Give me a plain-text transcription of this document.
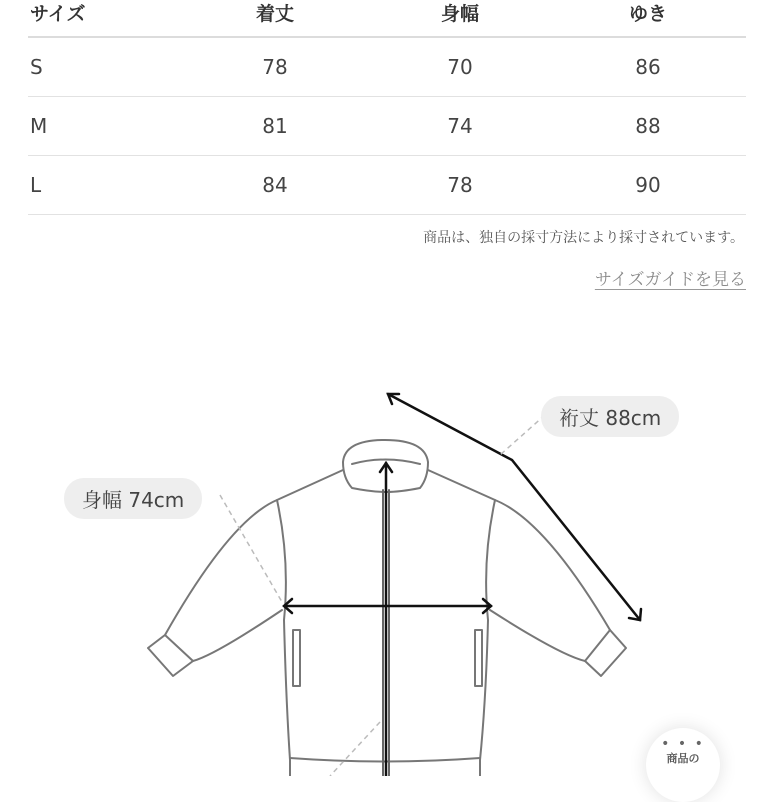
サイズ	着丈	身幅	ゆき
S	78	70	86
M	81	74	88
L	84	78	90
商品は、独自の採寸方法により採寸されています。
サイズガイドを見る
裄丈 88cm
身幅 74cm
• • •
商品の
